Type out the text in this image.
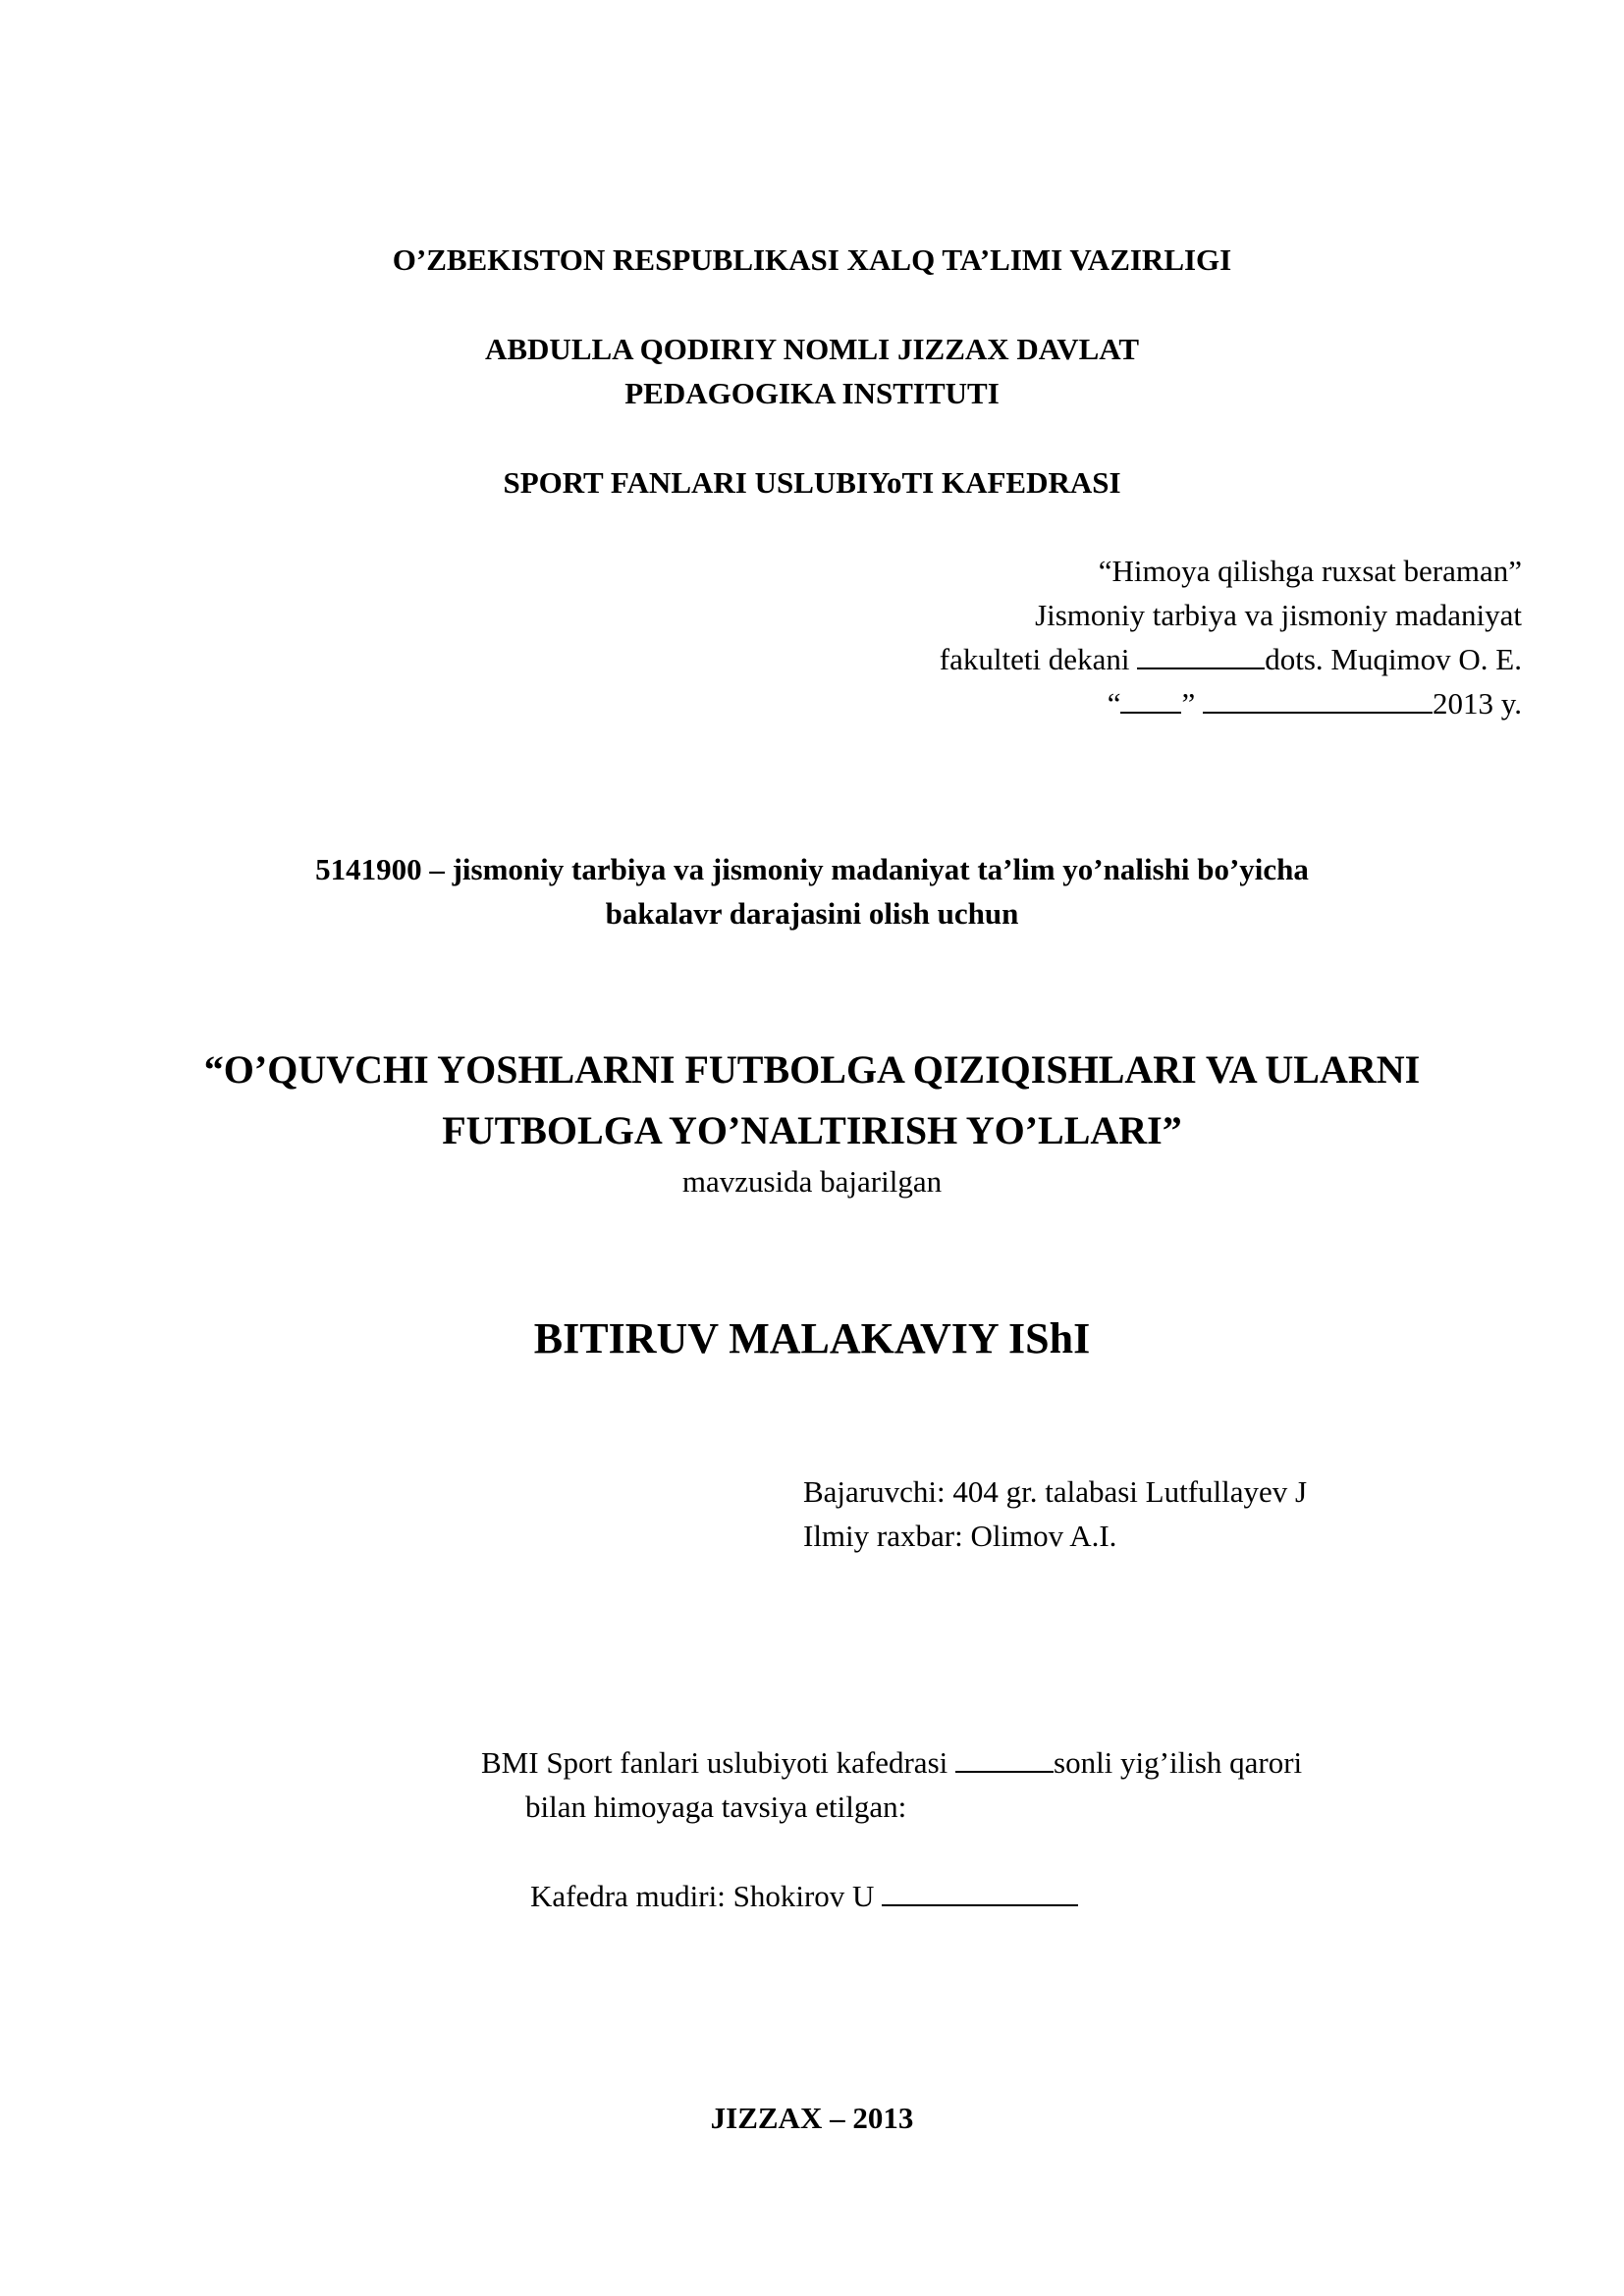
O’ZBEKISTON RESPUBLIKASI XALQ TA’LIMI VAZIRLIGI
ABDULLA QODIRIY NOMLI JIZZAX DAVLAT
PEDAGOGIKA INSTITUTI
SPORT FANLARI USLUBIYoTI KAFEDRASI
“Himoya qilishga ruxsat beraman”
Jismoniy tarbiya va jismoniy madaniyat
fakulteti dekani	dots. Muqimov O. E.
“ ”	2013 y.
5141900 – jismoniy tarbiya va jismoniy madaniyat ta’lim yo’nalishi bo’yicha
bakalavr darajasini olish uchun
“O’QUVCHI YOSHLARNI FUTBOLGA QIZIQISHLARI VA ULARNI
FUTBOLGA YO’NALTIRISH YO’LLARI”
mavzusida bajarilgan
BITIRUV MALAKAVIY IShI
Bajaruvchi: 404 gr. talabasi Lutfullayev J
Ilmiy raxbar: Olimov A.I.
BMI Sport fanlari uslubiyoti kafedrasi	sonli yig’ilish qarori
bilan himoyaga tavsiya etilgan:
Kafedra mudiri: Shokirov U
JIZZAX – 2013
